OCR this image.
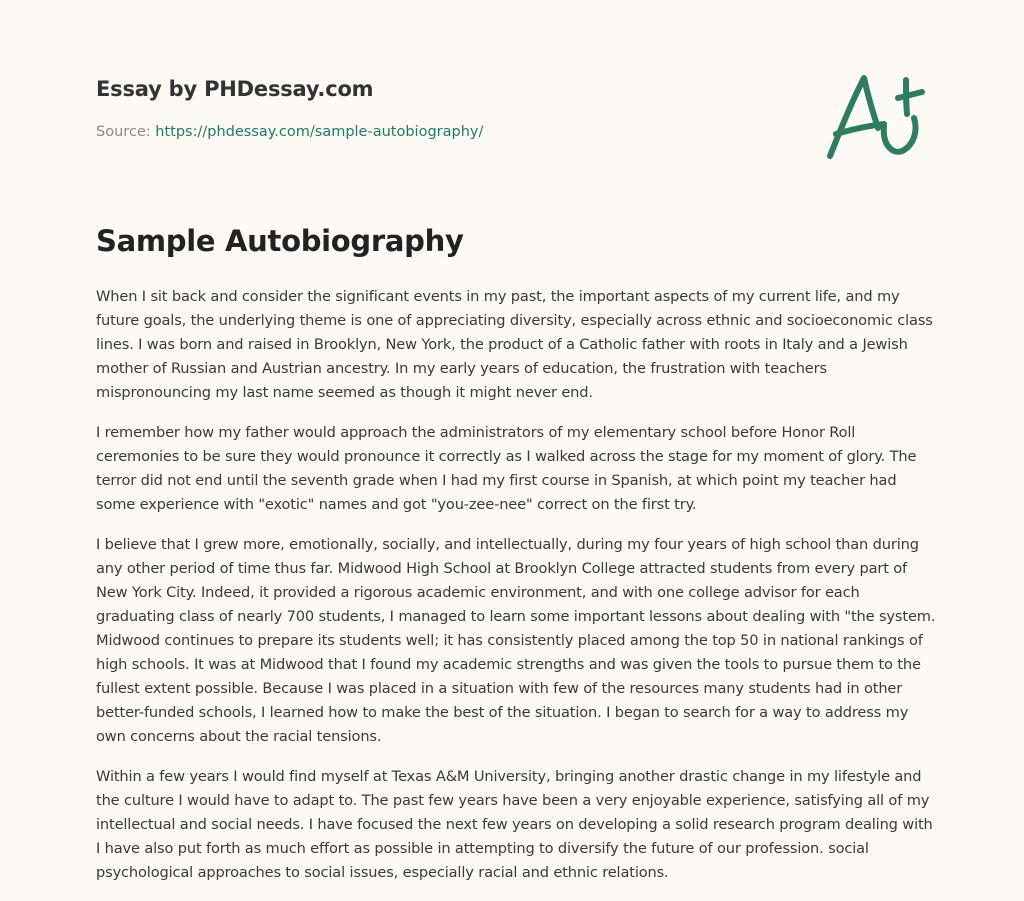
Essay by PHDessay.com
Source: https://phdessay.com/sample-autobiography/
Sample Autobiography

When I sit back and consider the significant events in my past, the important aspects of my current life, and my future goals, the underlying theme is one of appreciating diversity, especially across ethnic and socioeconomic class lines. I was born and raised in Brooklyn, New York, the product of a Catholic father with roots in Italy and a Jewish mother of Russian and Austrian ancestry. In my early years of education, the frustration with teachers mispronouncing my last name seemed as though it might never end.

I remember how my father would approach the administrators of my elementary school before Honor Roll ceremonies to be sure they would pronounce it correctly as I walked across the stage for my moment of glory. The terror did not end until the seventh grade when I had my first course in Spanish, at which point my teacher had some experience with "exotic" names and got "you-zee-nee" correct on the first try.

I believe that I grew more, emotionally, socially, and intellectually, during my four years of high school than during any other period of time thus far. Midwood High School at Brooklyn College attracted students from every part of New York City. Indeed, it provided a rigorous academic environment, and with one college advisor for each graduating class of nearly 700 students, I managed to learn some important lessons about dealing with "the system. Midwood continues to prepare its students well; it has consistently placed among the top 50 in national rankings of high schools. It was at Midwood that I found my academic strengths and was given the tools to pursue them to the fullest extent possible. Because I was placed in a situation with few of the resources many students had in other better-funded schools, I learned how to make the best of the situation. I began to search for a way to address my own concerns about the racial tensions.

Within a few years I would find myself at Texas A&M University, bringing another drastic change in my lifestyle and the culture I would have to adapt to. The past few years have been a very enjoyable experience, satisfying all of my intellectual and social needs. I have focused the next few years on developing a solid research program dealing with I have also put forth as much effort as possible in attempting to diversify the future of our profession. social psychological approaches to social issues, especially racial and ethnic relations.
